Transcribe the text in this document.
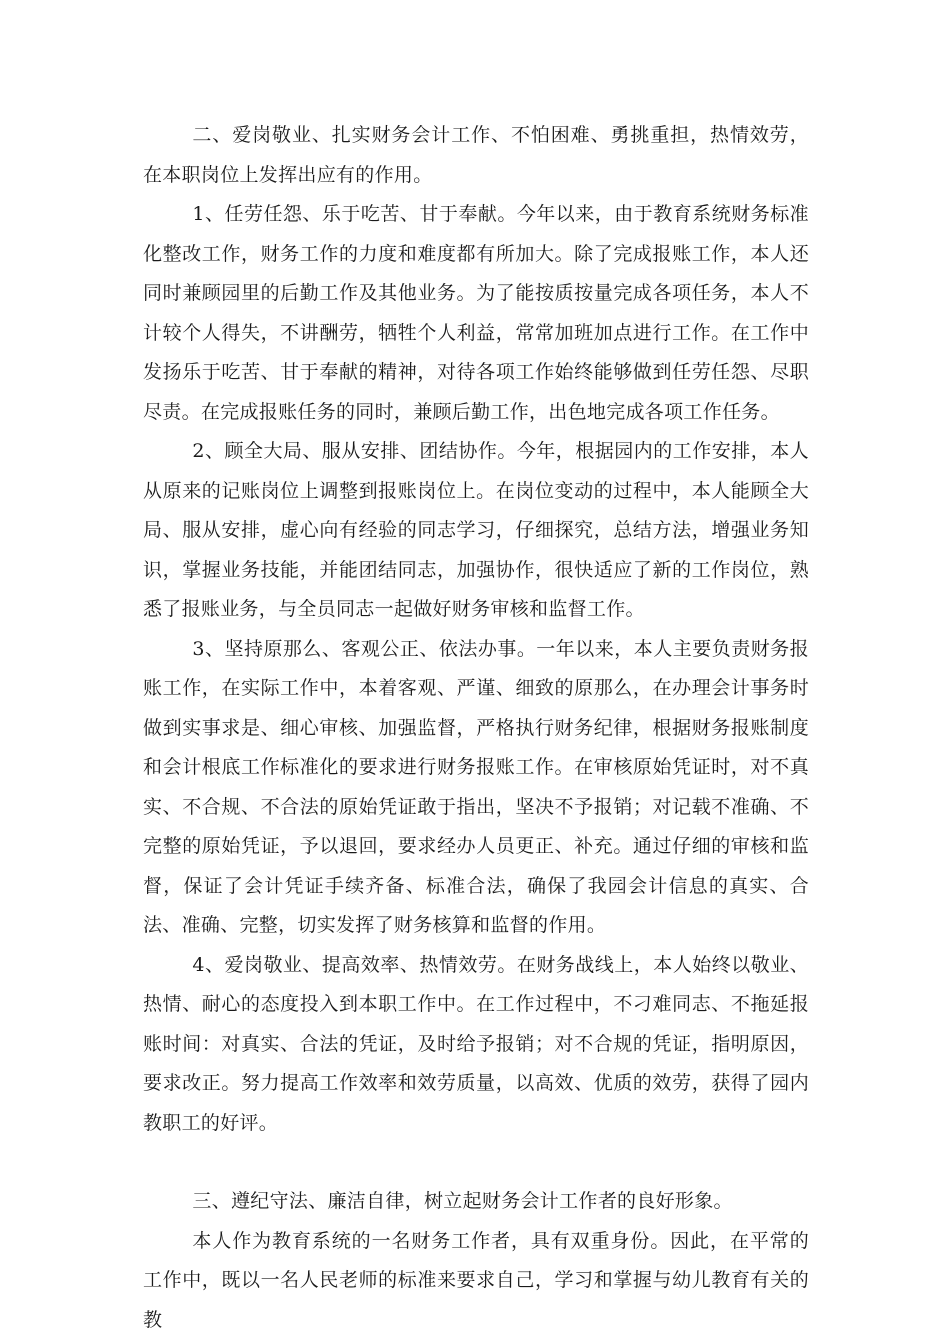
二、爱岗敬业、扎实财务会计工作、不怕困难、勇挑重担，热情效劳，在本职岗位上发挥出应有的作用。

1、任劳任怨、乐于吃苦、甘于奉献。今年以来，由于教育系统财务标准化整改工作，财务工作的力度和难度都有所加大。除了完成报账工作，本人还同时兼顾园里的后勤工作及其他业务。为了能按质按量完成各项任务，本人不计较个人得失，不讲酬劳，牺牲个人利益，常常加班加点进行工作。在工作中发扬乐于吃苦、甘于奉献的精神，对待各项工作始终能够做到任劳任怨、尽职尽责。在完成报账任务的同时，兼顾后勤工作，出色地完成各项工作任务。

2、顾全大局、服从安排、团结协作。今年，根据园内的工作安排，本人从原来的记账岗位上调整到报账岗位上。在岗位变动的过程中，本人能顾全大局、服从安排，虚心向有经验的同志学习，仔细探究，总结方法，增强业务知识，掌握业务技能，并能团结同志，加强协作，很快适应了新的工作岗位，熟悉了报账业务，与全员同志一起做好财务审核和监督工作。

3、坚持原那么、客观公正、依法办事。一年以来，本人主要负责财务报账工作，在实际工作中，本着客观、严谨、细致的原那么，在办理会计事务时做到实事求是、细心审核、加强监督，严格执行财务纪律，根据财务报账制度和会计根底工作标准化的要求进行财务报账工作。在审核原始凭证时，对不真实、不合规、不合法的原始凭证敢于指出，坚决不予报销；对记载不准确、不完整的原始凭证，予以退回，要求经办人员更正、补充。通过仔细的审核和监督，保证了会计凭证手续齐备、标准合法，确保了我园会计信息的真实、合法、准确、完整，切实发挥了财务核算和监督的作用。

4、爱岗敬业、提高效率、热情效劳。在财务战线上，本人始终以敬业、热情、耐心的态度投入到本职工作中。在工作过程中，不刁难同志、不拖延报账时间：对真实、合法的凭证，及时给予报销；对不合规的凭证，指明原因，要求改正。努力提高工作效率和效劳质量，以高效、优质的效劳，获得了园内教职工的好评。

三、遵纪守法、廉洁自律，树立起财务会计工作者的良好形象。

本人作为教育系统的一名财务工作者，具有双重身份。因此，在平常的工作中，既以一名人民老师的标准来要求自己，学习和掌握与幼儿教育有关的教
